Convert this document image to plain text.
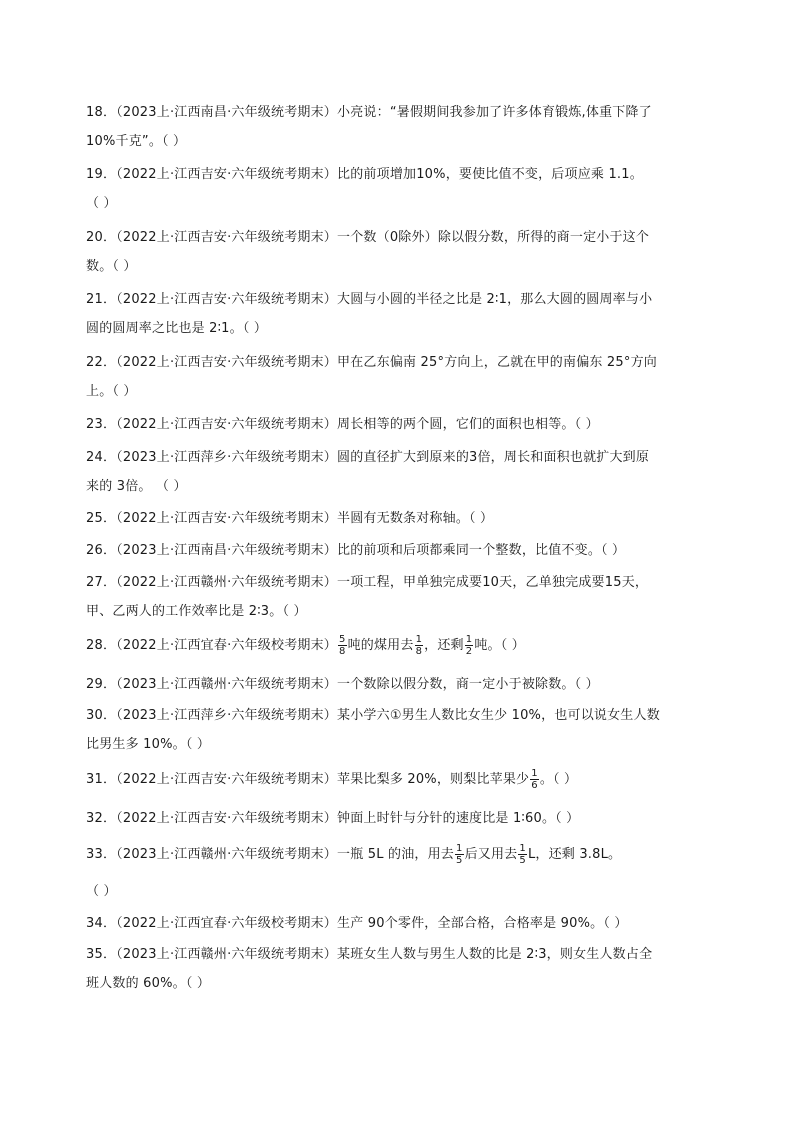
18．（2023上·江西南昌·六年级统考期末）小亮说：“暑假期间我参加了许多体育锻炼,体重下降了
10%千克”。（ ）
19．（2022上·江西吉安·六年级统考期末）比的前项增加10%，要使比值不变，后项应乘 1.1。
（ ）
20．（2022上·江西吉安·六年级统考期末）一个数（0除外）除以假分数，所得的商一定小于这个
数。（ ）
21．（2022上·江西吉安·六年级统考期末）大圆与小圆的半径之比是 2∶1，那么大圆的圆周率与小
圆的圆周率之比也是 2∶1。（ ）
22．（2022上·江西吉安·六年级统考期末）甲在乙东偏南 25°方向上，乙就在甲的南偏东 25°方向
上。（ ）
23．（2022上·江西吉安·六年级统考期末）周长相等的两个圆，它们的面积也相等。（ ）
24．（2023上·江西萍乡·六年级统考期末）圆的直径扩大到原来的3倍，周长和面积也就扩大到原
来的 3倍。 （ ）
25．（2022上·江西吉安·六年级统考期末）半圆有无数条对称轴。（ ）
26．（2023上·江西南昌·六年级统考期末）比的前项和后项都乘同一个整数，比值不变。（ ）
27．（2022上·江西赣州·六年级统考期末）一项工程，甲单独完成要10天，乙单独完成要15天，
甲、乙两人的工作效率比是 2∶3。（ ）
28．（2022上·江西宜春·六年级校考期末） $\frac{5}{8}$ 吨的煤用去 $\frac{1}{8}$ ，还剩 $\frac{1}{2}$ 吨。（ ）
29．（2023上·江西赣州·六年级统考期末）一个数除以假分数，商一定小于被除数。（ ）
30．（2023上·江西萍乡·六年级统考期末）某小学六①男生人数比女生少 10%，也可以说女生人数
比男生多 10%。（ ）
31．（2022上·江西吉安·六年级统考期末）苹果比梨多 20%，则梨比苹果少 $\frac{1}{6}$ 。（ ）
32．（2022上·江西吉安·六年级统考期末）钟面上时针与分针的速度比是 1∶60。（ ）
33．（2023上·江西赣州·六年级统考期末）一瓶 5L 的油，用去 $\frac{1}{5}$ 后又用去 $\frac{1}{5}$ L，还剩 3.8L。
（ ）
34．（2022上·江西宜春·六年级校考期末）生产 90个零件，全部合格，合格率是 90%。（ ）
35．（2023上·江西赣州·六年级统考期末）某班女生人数与男生人数的比是 2∶3，则女生人数占全
班人数的 60%。（ ）
